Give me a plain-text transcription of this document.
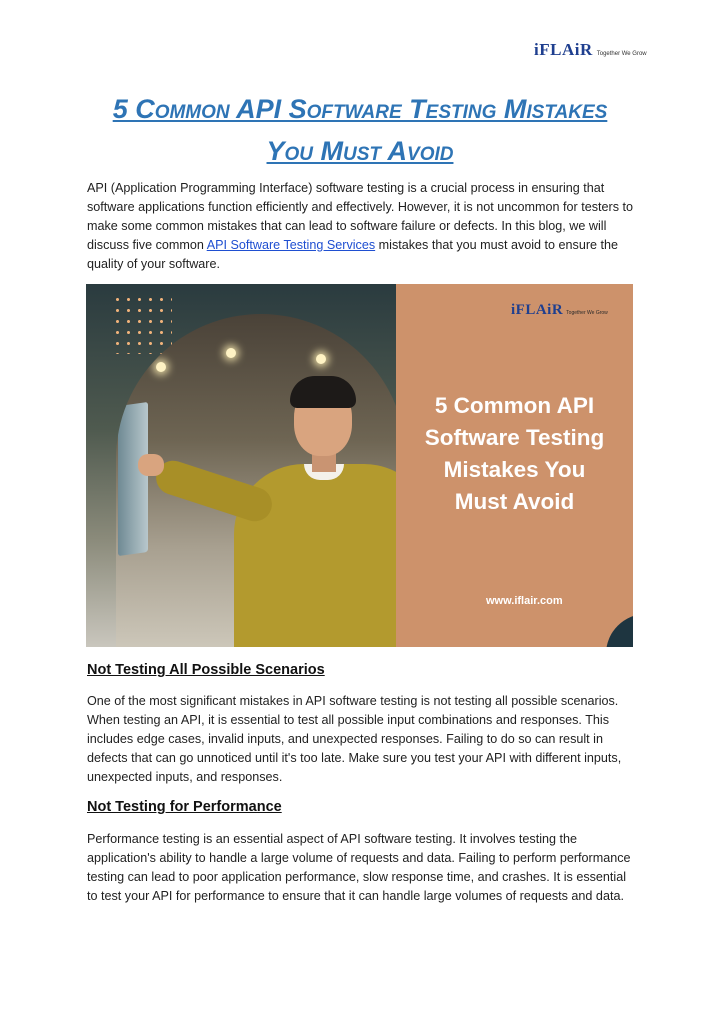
iFLAiR Together We Grow
5 Common API Software Testing Mistakes
You Must Avoid

API (Application Programming Interface) software testing is a crucial process in ensuring that software applications function efficiently and effectively. However, it is not uncommon for testers to make some common mistakes that can lead to software failure or defects. In this blog, we will discuss five common API Software Testing Services mistakes that you must avoid to ensure the quality of your software.

iFLAiR Together We Grow
5 Common API
Software Testing
Mistakes You
Must Avoid

www.iflair.com

Not Testing All Possible Scenarios

One of the most significant mistakes in API software testing is not testing all possible scenarios. When testing an API, it is essential to test all possible input combinations and responses. This includes edge cases, invalid inputs, and unexpected responses. Failing to do so can result in defects that can go unnoticed until it's too late. Make sure you test your API with different inputs, unexpected inputs, and responses.

Not Testing for Performance

Performance testing is an essential aspect of API software testing. It involves testing the application's ability to handle a large volume of requests and data. Failing to perform performance testing can lead to poor application performance, slow response time, and crashes. It is essential to test your API for performance to ensure that it can handle large volumes of requests and data.
